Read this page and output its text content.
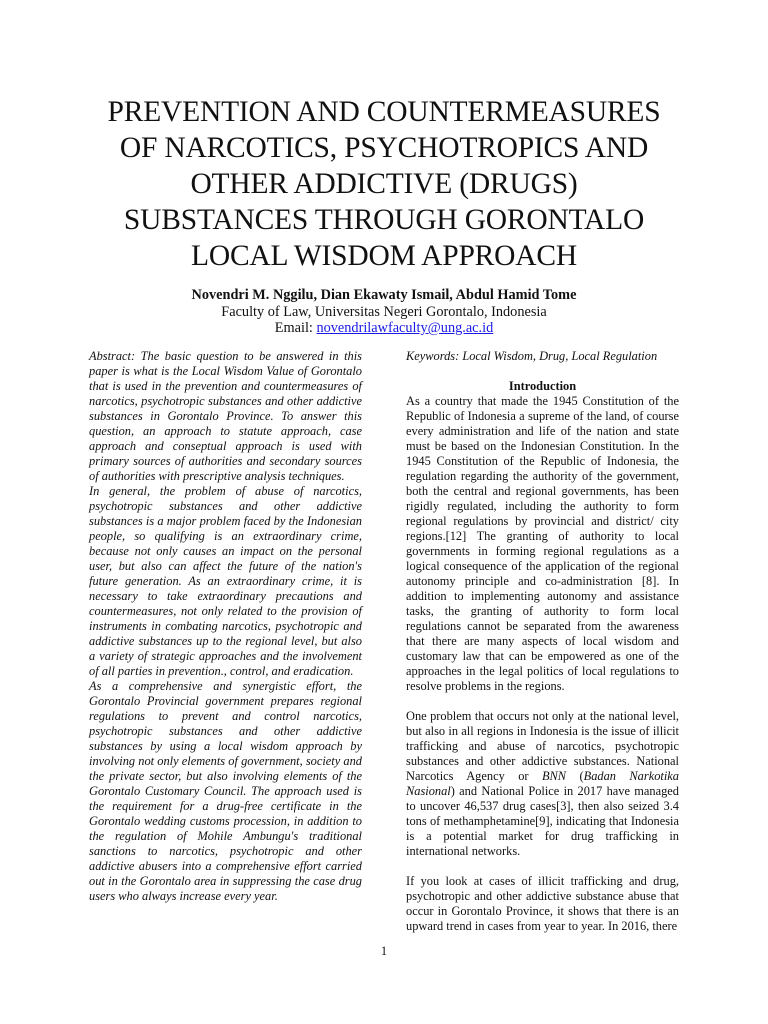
PREVENTION AND COUNTERMEASURES
OF NARCOTICS, PSYCHOTROPICS AND
OTHER ADDICTIVE (DRUGS)
SUBSTANCES THROUGH GORONTALO
LOCAL WISDOM APPROACH
Novendri M. Nggilu, Dian Ekawaty Ismail, Abdul Hamid Tome
Faculty of Law, Universitas Negeri Gorontalo, Indonesia
Email: novendrilawfaculty@ung.ac.id

Abstract: The basic question to be answered in this paper is what is the Local Wisdom Value of Gorontalo that is used in the prevention and countermeasures of narcotics, psychotropic substances and other addictive substances in Gorontalo Province. To answer this question, an approach to statute approach, case approach and conseptual approach is used with primary sources of authorities and secondary sources of authorities with prescriptive analysis techniques.

In general, the problem of abuse of narcotics, psychotropic substances and other addictive substances is a major problem faced by the Indonesian people, so qualifying is an extraordinary crime, because not only causes an impact on the personal user, but also can affect the future of the nation's future generation. As an extraordinary crime, it is necessary to take extraordinary precautions and countermeasures, not only related to the provision of instruments in combating narcotics, psychotropic and addictive substances up to the regional level, but also a variety of strategic approaches and the involvement of all parties in prevention., control, and eradication.

As a comprehensive and synergistic effort, the Gorontalo Provincial government prepares regional regulations to prevent and control narcotics, psychotropic substances and other addictive substances by using a local wisdom approach by involving not only elements of government, society and the private sector, but also involving elements of the Gorontalo Customary Council. The approach used is the requirement for a drug-free certificate in the Gorontalo wedding customs procession, in addition to the regulation of Mohile Ambungu's traditional sanctions to narcotics, psychotropic and other addictive abusers into a comprehensive effort carried out in the Gorontalo area in suppressing the case drug users who always increase every year.

Keywords: Local Wisdom, Drug, Local Regulation

Introduction

As a country that made the 1945 Constitution of the Republic of Indonesia a supreme of the land, of course every administration and life of the nation and state must be based on the Indonesian Constitution. In the 1945 Constitution of the Republic of Indonesia, the regulation regarding the authority of the government, both the central and regional governments, has been rigidly regulated, including the authority to form regional regulations by provincial and district/ city regions.[12] The granting of authority to local governments in forming regional regulations as a logical consequence of the application of the regional autonomy principle and co-administration [8]. In addition to implementing autonomy and assistance tasks, the granting of authority to form local regulations cannot be separated from the awareness that there are many aspects of local wisdom and customary law that can be empowered as one of the approaches in the legal politics of local regulations to resolve problems in the regions.

One problem that occurs not only at the national level, but also in all regions in Indonesia is the issue of illicit trafficking and abuse of narcotics, psychotropic substances and other addictive substances. National Narcotics Agency or BNN (Badan Narkotika Nasional) and National Police in 2017 have managed to uncover 46,537 drug cases[3], then also seized 3.4 tons of methamphetamine[9], indicating that Indonesia is a potential market for drug trafficking in international networks.

If you look at cases of illicit trafficking and drug, psychotropic and other addictive substance abuse that occur in Gorontalo Province, it shows that there is an upward trend in cases from year to year. In 2016, there

1
